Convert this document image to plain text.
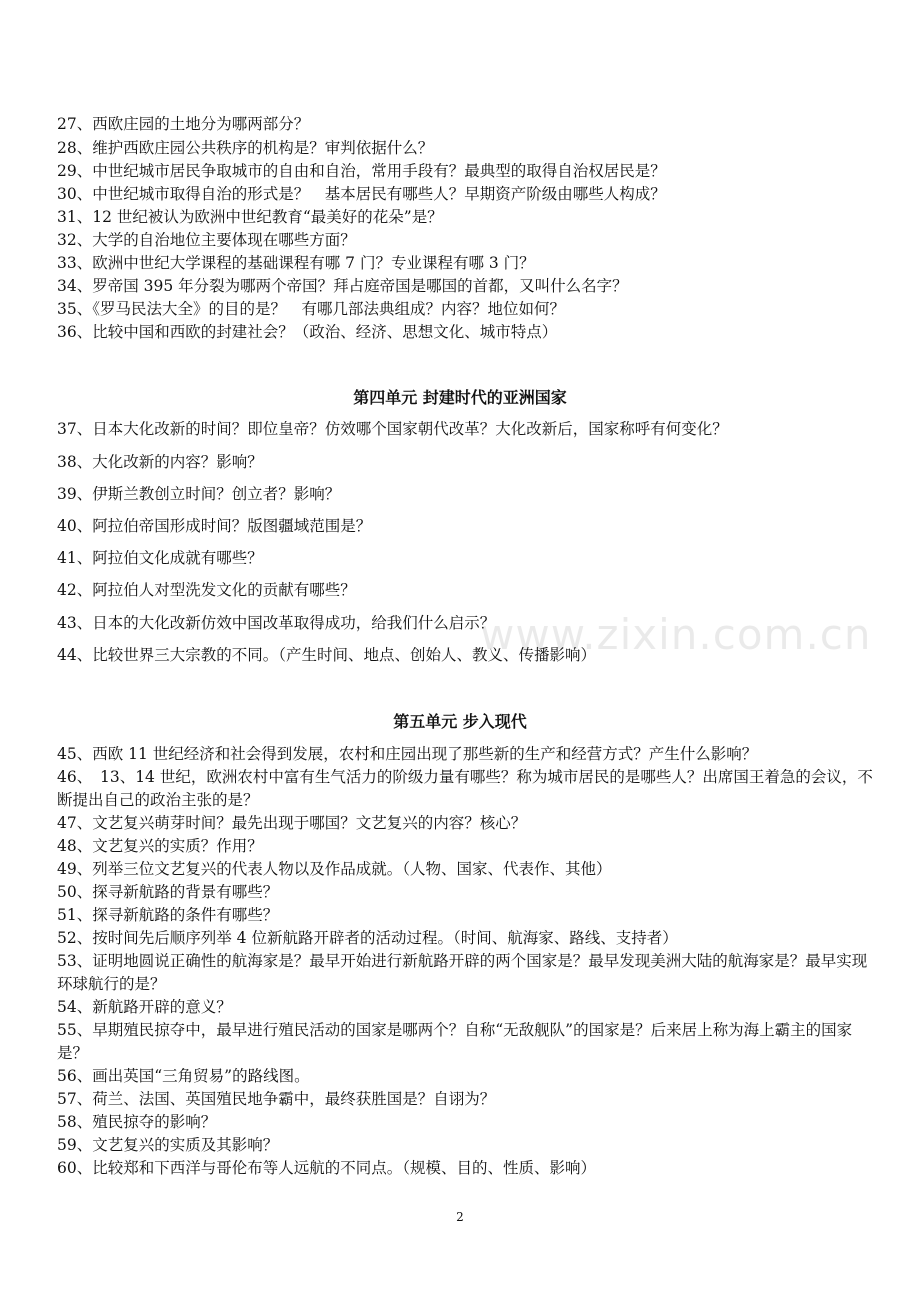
27、西欧庄园的土地分为哪两部分？
28、维护西欧庄园公共秩序的机构是？审判依据什么？
29、中世纪城市居民争取城市的自由和自治，常用手段有？最典型的取得自治权居民是？
30、中世纪城市取得自治的形式是？　基本居民有哪些人？早期资产阶级由哪些人构成？
31、12 世纪被认为欧洲中世纪教育“最美好的花朵”是？
32、大学的自治地位主要体现在哪些方面？
33、欧洲中世纪大学课程的基础课程有哪 7 门？专业课程有哪 3 门？
34、罗帝国 395 年分裂为哪两个帝国？拜占庭帝国是哪国的首都，又叫什么名字？
35、《罗马民法大全》的目的是？　有哪几部法典组成？内容？地位如何？
36、比较中国和西欧的封建社会？（政治、经济、思想文化、城市特点）
第四单元 封建时代的亚洲国家
37、日本大化改新的时间？即位皇帝？仿效哪个国家朝代改革？大化改新后，国家称呼有何变化？
38、大化改新的内容？影响？
39、伊斯兰教创立时间？创立者？影响？
40、阿拉伯帝国形成时间？版图疆域范围是？
41、阿拉伯文化成就有哪些？
42、阿拉伯人对型洗发文化的贡献有哪些？
43、日本的大化改新仿效中国改革取得成功，给我们什么启示？
44、比较世界三大宗教的不同。（产生时间、地点、创始人、教义、传播影响）
第五单元 步入现代
45、西欧 11 世纪经济和社会得到发展，农村和庄园出现了那些新的生产和经营方式？产生什么影响？
46、　13、14 世纪，欧洲农村中富有生气活力的阶级力量有哪些？称为城市居民的是哪些人？出席国王着急的会议，不断提出自己的政治主张的是？
47、文艺复兴萌芽时间？最先出现于哪国？文艺复兴的内容？核心？
48、文艺复兴的实质？作用？
49、列举三位文艺复兴的代表人物以及作品成就。（人物、国家、代表作、其他）
50、探寻新航路的背景有哪些？
51、探寻新航路的条件有哪些？
52、按时间先后顺序列举 4 位新航路开辟者的活动过程。（时间、航海家、路线、支持者）
53、证明地圆说正确性的航海家是？最早开始进行新航路开辟的两个国家是？最早发现美洲大陆的航海家是？最早实现环球航行的是？
54、新航路开辟的意义？
55、早期殖民掠夺中，最早进行殖民活动的国家是哪两个？自称“无敌舰队”的国家是？后来居上称为海上霸主的国家是？
56、画出英国“三角贸易”的路线图。
57、荷兰、法国、英国殖民地争霸中，最终获胜国是？自诩为？
58、殖民掠夺的影响？
59、文艺复兴的实质及其影响？
60、比较郑和下西洋与哥伦布等人远航的不同点。（规模、目的、性质、影响）
www.zixin.com.cn
2
